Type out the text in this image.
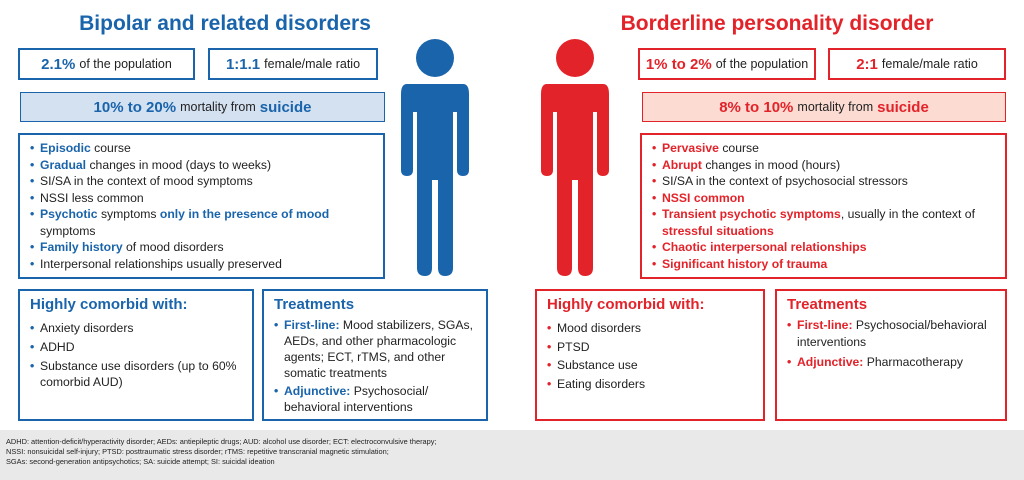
Bipolar and related disorders	Borderline personality disorder
2.1% of the population	1:1.1 female/male ratio
10% to 20% mortality from suicide
• Episodic course
• Gradual changes in mood (days to weeks)
• SI/SA in the context of mood symptoms
• NSSI less common
• Psychotic symptoms only in the presence of mood symptoms
• Family history of mood disorders
• Interpersonal relationships usually preserved
Highly comorbid with:
• Anxiety disorders
• ADHD
• Substance use disorders (up to 60% comorbid AUD)
Treatments
• First-line: Mood stabilizers, SGAs, AEDs, and other pharmacologic agents; ECT, rTMS, and other somatic treatments
• Adjunctive: Psychosocial/ behavioral interventions
1% to 2% of the population	2:1 female/male ratio
8% to 10% mortality from suicide
• Pervasive course
• Abrupt changes in mood (hours)
• SI/SA in the context of psychosocial stressors
• NSSI common
• Transient psychotic symptoms, usually in the context of stressful situations
• Chaotic interpersonal relationships
• Significant history of trauma
Highly comorbid with:
• Mood disorders
• PTSD
• Substance use
• Eating disorders
Treatments
• First-line: Psychosocial/behavioral interventions
• Adjunctive: Pharmacotherapy
ADHD: attention-deficit/hyperactivity disorder; AEDs: antiepileptic drugs; AUD: alcohol use disorder; ECT: electroconvulsive therapy;
NSSI: nonsuicidal self-injury; PTSD: posttraumatic stress disorder; rTMS: repetitive transcranial magnetic stimulation;
SGAs: second-generation antipsychotics; SA: suicide attempt; SI: suicidal ideation
